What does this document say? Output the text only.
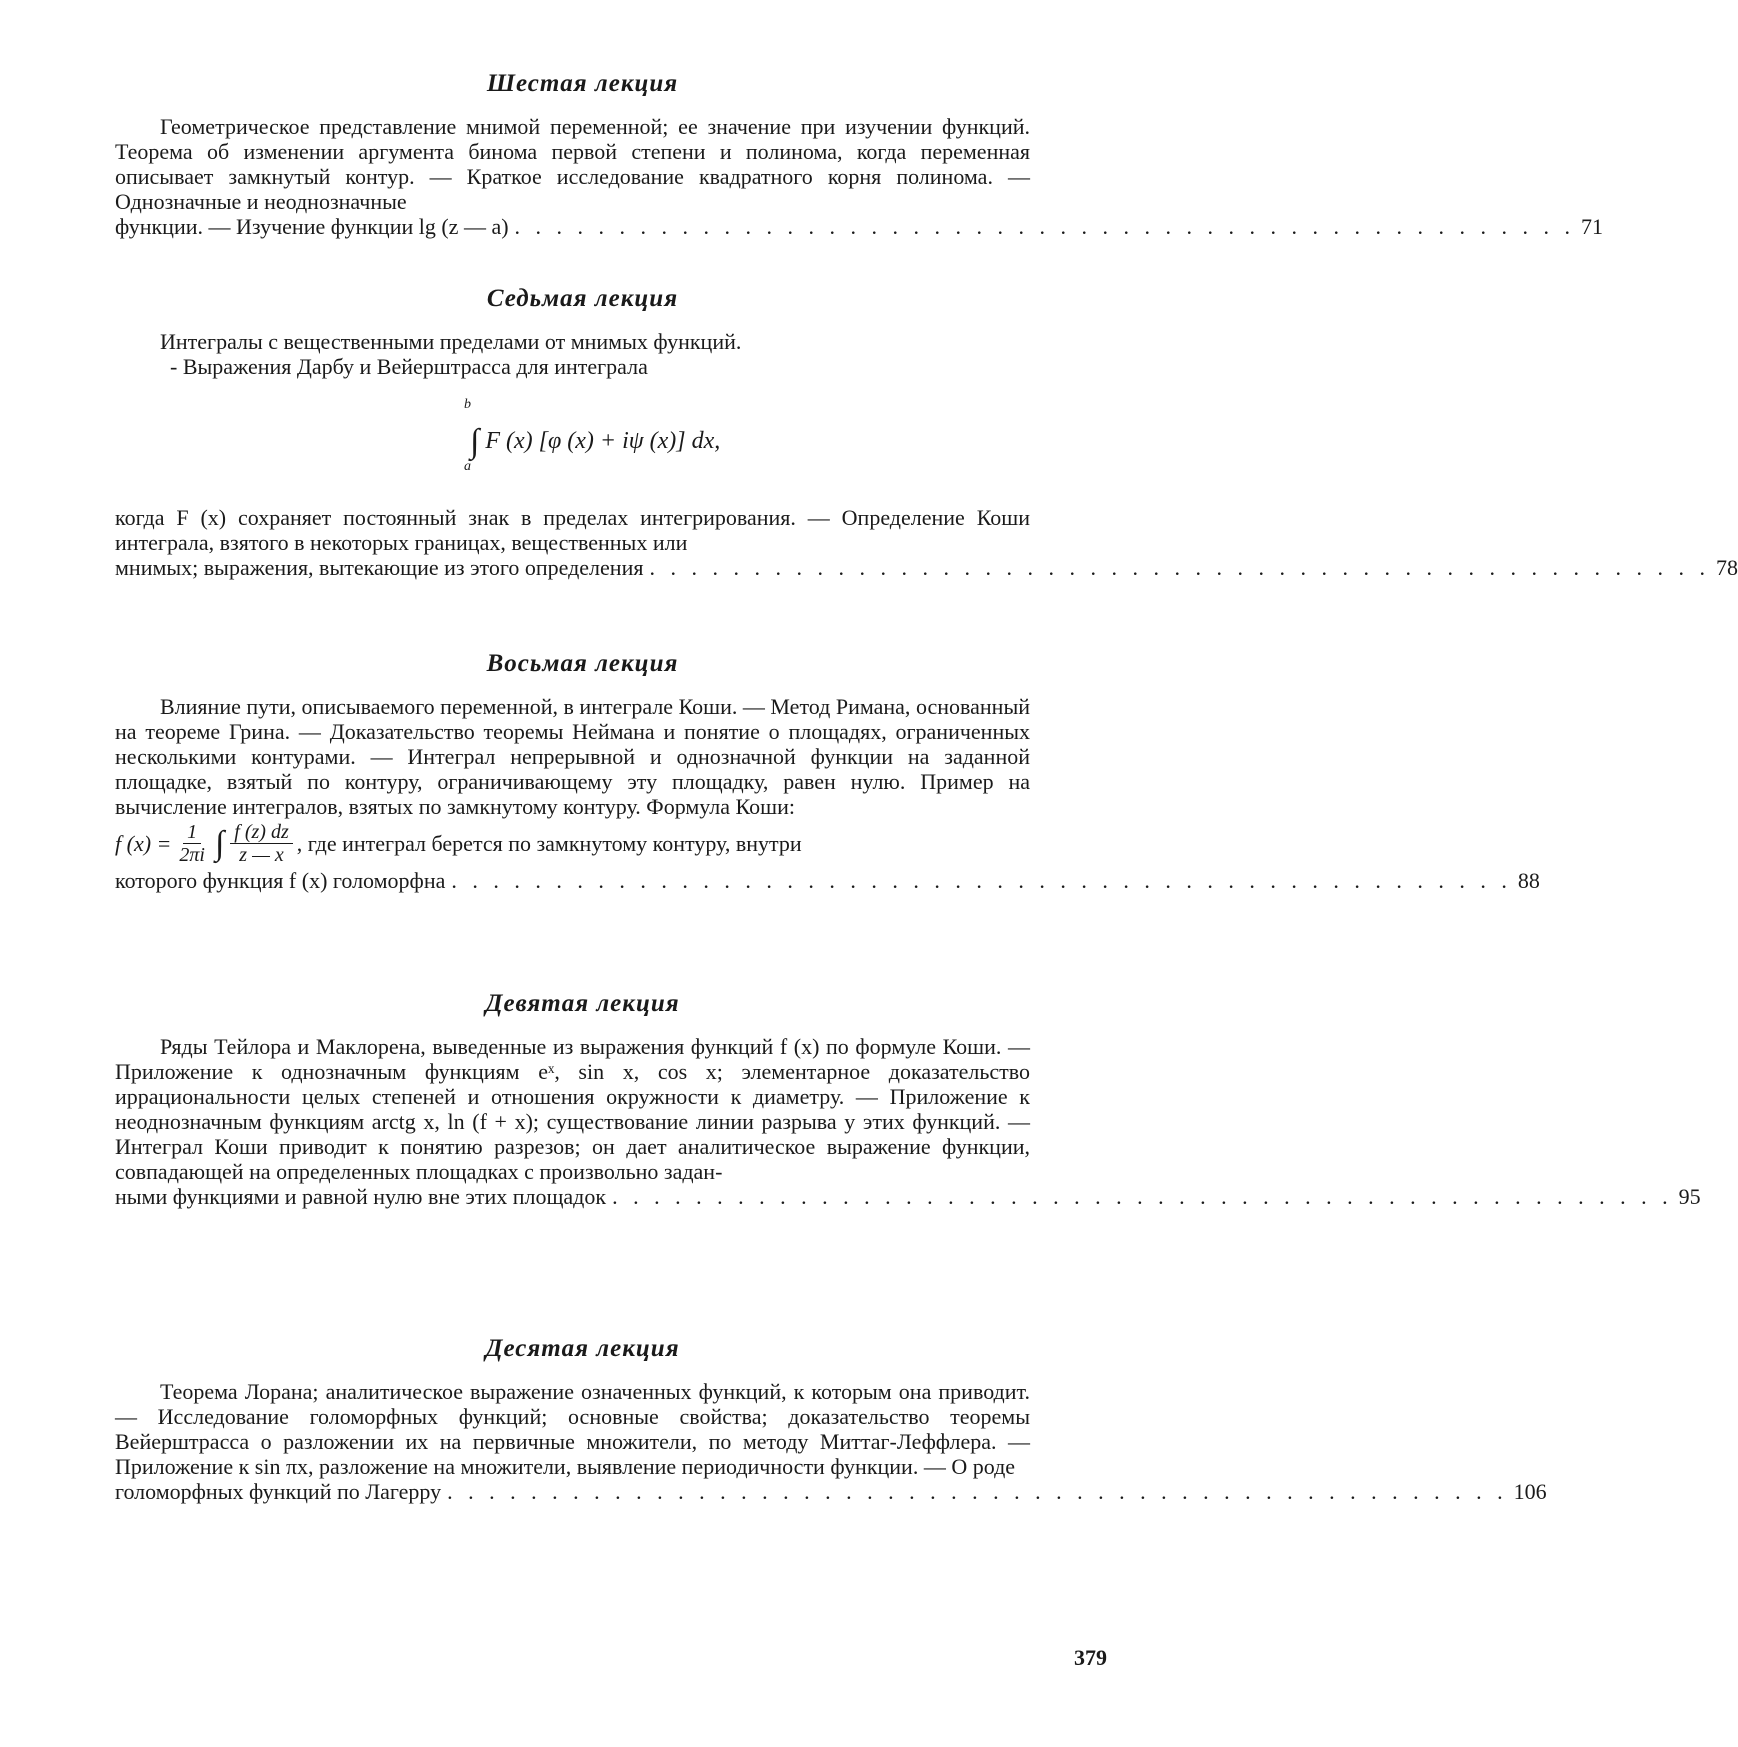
Шестая лекция

Геометрическое представление мнимой переменной; ее значение при изучении функций. Теорема об изменении аргумента бинома первой степени и полинома, когда переменная описывает замкнутый контур. — Краткое исследование квадратного корня полинома. — Однозначные и неоднозначные

функции. — Изучение функции lg (z — a) . . . . . . . . . . . . . . . . . . . . . . . . . . . . . . . . . . . . . . . . . . . . . . . . . . . 71
Седьмая лекция

Интегралы с вещественными пределами от мнимых функций.

- Выражения Дарбу и Вейерштрасса для интеграла

b
∫
a
F (x) [φ (x) + iψ (x)] dx,

когда F (x) сохраняет постоянный знак в пределах интегрирования. — Определение Коши интеграла, взятого в некоторых границах, вещественных или

мнимых; выражения, вытекающие из этого определения . . . . . . . . . . . . . . . . . . . . . . . . . . . . . . . . . . . . . . . . . . . . . . . . . . . 78
Восьмая лекция

Влияние пути, описываемого переменной, в интеграле Коши. — Метод Римана, основанный на теореме Грина. — Доказательство теоремы Неймана и понятие о площадях, ограниченных несколькими контурами. — Интеграл непрерывной и однозначной функции на заданной площадке, взятый по контуру, ограничивающему эту площадку, равен нулю. Пример на вычисление интегралов, взятых по замкнутому контуру. Формула Коши:

f (x) = 1
2πi ∫ f (z) dz
z — x , где интеграл берется по замкнутому контуру, внутри
которого функция f (x) голоморфна . . . . . . . . . . . . . . . . . . . . . . . . . . . . . . . . . . . . . . . . . . . . . . . . . . . 88
Девятая лекция

Ряды Тейлора и Маклорена, выведенные из выражения функций f (x) по формуле Коши. — Приложение к однозначным функциям eˣ, sin x, cos x; элементарное доказательство иррациональности целых степеней и отношения окружности к диаметру. — Приложение к неоднозначным функциям arctg x, ln (f + x); существование линии разрыва у этих функций. — Интеграл Коши приводит к понятию разрезов; он дает аналитическое выражение функции, совпадающей на определенных площадках с произвольно задан-

ными функциями и равной нулю вне этих площадок . . . . . . . . . . . . . . . . . . . . . . . . . . . . . . . . . . . . . . . . . . . . . . . . . . . 95
Десятая лекция

Теорема Лорана; аналитическое выражение означенных функций, к которым она приводит. — Исследование голоморфных функций; основные свойства; доказательство теоремы Вейерштрасса о разложении их на первичные множители, по методу Миттаг-Леффлера. — Приложение к sin πx, разложение на множители, выявление периодичности функции. — О роде

голоморфных функций по Лагерру . . . . . . . . . . . . . . . . . . . . . . . . . . . . . . . . . . . . . . . . . . . . . . . . . . . 106
379
